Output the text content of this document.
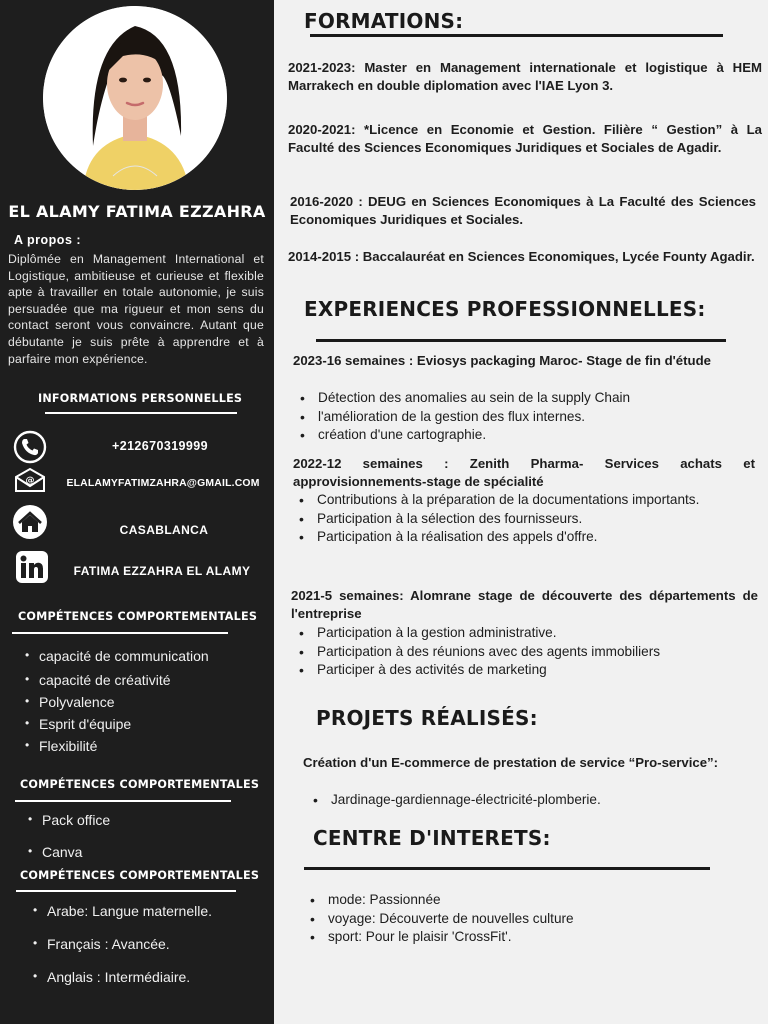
EL ALAMY FATIMA EZZAHRA
A propos :
Diplômée en Management International et Logistique, ambitieuse et curieuse et flexible apte à travailler en totale autonomie, je suis persuadée que ma rigueur et mon sens du contact seront vous convaincre. Autant que débutante je suis prête à apprendre et à parfaire mon expérience.
INFORMATIONS PERSONNELLES
+212670319999
@	ELALAMYFATIMZAHRA@GMAIL.COM
CASABLANCA
FATIMA EZZAHRA EL ALAMY
COMPÉTENCES COMPORTEMENTALES
• capacité de communication
• capacité de créativité
• Polyvalence
• Esprit d'équipe
• Flexibilité
COMPÉTENCES COMPORTEMENTALES
• Pack office
• Canva
COMPÉTENCES COMPORTEMENTALES
• Arabe: Langue maternelle.
• Français : Avancée.
• Anglais : Intermédiaire.
FORMATIONS:
2021-2023: Master en Management internationale et logistique à HEM Marrakech en double diplomation avec l'IAE Lyon 3.
2020-2021: *Licence en Economie et Gestion. Filière “ Gestion” à La Faculté des Sciences Economiques Juridiques et Sociales de Agadir.
2016-2020 : DEUG en Sciences Economiques à La Faculté des Sciences Economiques Juridiques et Sociales.
2014-2015 : Baccalauréat en Sciences Economiques, Lycée Founty Agadir.
EXPERIENCES PROFESSIONNELLES:
2023-16 semaines : Eviosys packaging Maroc- Stage de fin d'étude
• Détection des anomalies au sein de la supply Chain
• l'amélioration de la gestion des flux internes.
• création d'une cartographie.
2022-12 semaines : Zenith Pharma- Services achats et approvisionnements-stage de spécialité
• Contributions à la préparation de la documentations importants.
• Participation à la sélection des fournisseurs.
• Participation à la réalisation des appels d'offre.
2021-5 semaines: Alomrane stage de découverte des départements de l'entreprise
• Participation à la gestion administrative.
• Participation à des réunions avec des agents immobiliers
• Participer à des activités de marketing
PROJETS RÉALISÉS:
Création d'un E-commerce de prestation de service “Pro-service”:
• Jardinage-gardiennage-électricité-plomberie.
CENTRE D'INTERETS:
• mode: Passionnée
• voyage: Découverte de nouvelles culture
• sport: Pour le plaisir 'CrossFit'.
